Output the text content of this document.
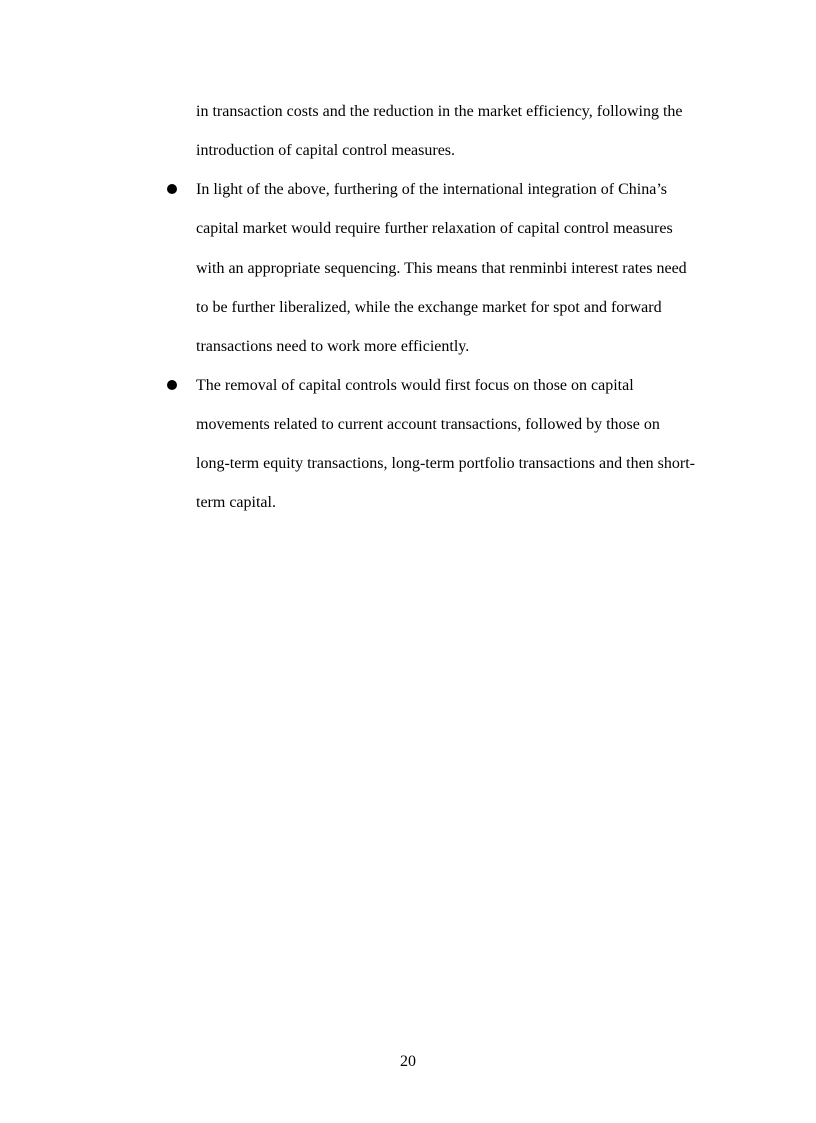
in transaction costs and the reduction in the market efficiency, following the
introduction of capital control measures.
In light of the above, furthering of the international integration of China’s
capital market would require further relaxation of capital control measures
with an appropriate sequencing. This means that renminbi interest rates need
to be further liberalized, while the exchange market for spot and forward
transactions need to work more efficiently.
The removal of capital controls would first focus on those on capital
movements related to current account transactions, followed by those on
long-term equity transactions, long-term portfolio transactions and then short-
term capital.
20
